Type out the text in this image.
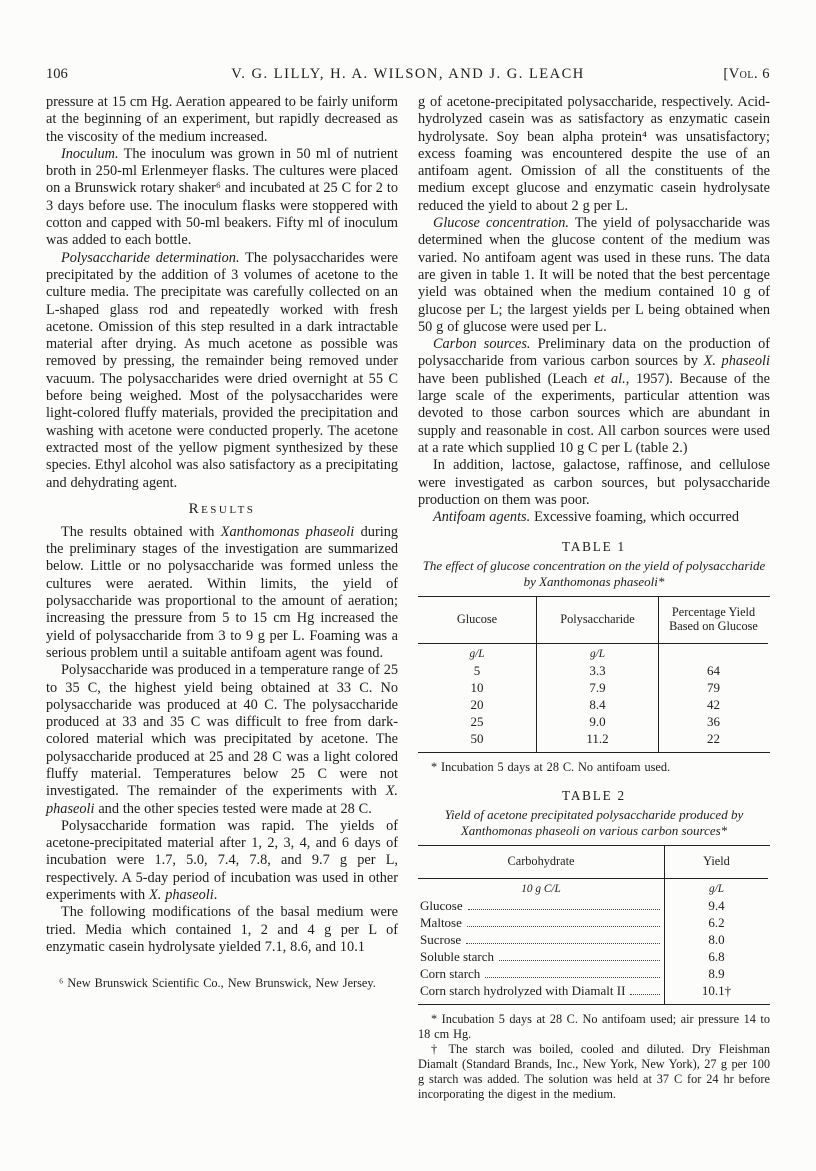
106	V. G. LILLY, H. A. WILSON, AND J. G. LEACH	[Vol. 6
pressure at 15 cm Hg. Aeration appeared to be fairly uniform at the beginning of an experiment, but rapidly decreased as the viscosity of the medium increased.
Inoculum. The inoculum was grown in 50 ml of nutrient broth in 250-ml Erlenmeyer flasks. The cultures were placed on a Brunswick rotary shaker⁶ and incubated at 25 C for 2 to 3 days before use. The inoculum flasks were stoppered with cotton and capped with 50-ml beakers. Fifty ml of inoculum was added to each bottle.
Polysaccharide determination. The polysaccharides were precipitated by the addition of 3 volumes of acetone to the culture media. The precipitate was carefully collected on an L-shaped glass rod and repeatedly worked with fresh acetone. Omission of this step resulted in a dark intractable material after drying. As much acetone as possible was removed by pressing, the remainder being removed under vacuum. The polysaccharides were dried overnight at 55 C before being weighed. Most of the polysaccharides were light-colored fluffy materials, provided the precipitation and washing with acetone were conducted properly. The acetone extracted most of the yellow pigment synthesized by these species. Ethyl alcohol was also satisfactory as a precipitating and dehydrating agent.
Results
The results obtained with Xanthomonas phaseoli during the preliminary stages of the investigation are summarized below. Little or no polysaccharide was formed unless the cultures were aerated. Within limits, the yield of polysaccharide was proportional to the amount of aeration; increasing the pressure from 5 to 15 cm Hg increased the yield of polysaccharide from 3 to 9 g per L. Foaming was a serious problem until a suitable antifoam agent was found.
Polysaccharide was produced in a temperature range of 25 to 35 C, the highest yield being obtained at 33 C. No polysaccharide was produced at 40 C. The polysaccharide produced at 33 and 35 C was difficult to free from dark-colored material which was precipitated by acetone. The polysaccharide produced at 25 and 28 C was a light colored fluffy material. Temperatures below 25 C were not investigated. The remainder of the experiments with X. phaseoli and the other species tested were made at 28 C.
Polysaccharide formation was rapid. The yields of acetone-precipitated material after 1, 2, 3, 4, and 6 days of incubation were 1.7, 5.0, 7.4, 7.8, and 9.7 g per L, respectively. A 5-day period of incubation was used in other experiments with X. phaseoli.
The following modifications of the basal medium were tried. Media which contained 1, 2 and 4 g per L of enzymatic casein hydrolysate yielded 7.1, 8.6, and 10.1
⁶ New Brunswick Scientific Co., New Brunswick, New Jersey.
g of acetone-precipitated polysaccharide, respectively. Acid-hydrolyzed casein was as satisfactory as enzymatic casein hydrolysate. Soy bean alpha protein⁴ was unsatisfactory; excess foaming was encountered despite the use of an antifoam agent. Omission of all the constituents of the medium except glucose and enzymatic casein hydrolysate reduced the yield to about 2 g per L.
Glucose concentration. The yield of polysaccharide was determined when the glucose content of the medium was varied. No antifoam agent was used in these runs. The data are given in table 1. It will be noted that the best percentage yield was obtained when the medium contained 10 g of glucose per L; the largest yields per L being obtained when 50 g of glucose were used per L.
Carbon sources. Preliminary data on the production of polysaccharide from various carbon sources by X. phaseoli have been published (Leach et al., 1957). Because of the large scale of the experiments, particular attention was devoted to those carbon sources which are abundant in supply and reasonable in cost. All carbon sources were used at a rate which supplied 10 g C per L (table 2.)
In addition, lactose, galactose, raffinose, and cellulose were investigated as carbon sources, but polysaccharide production on them was poor.
Antifoam agents. Excessive foaming, which occurred
TABLE 1
The effect of glucose concentration on the yield of polysaccharide by Xanthomonas phaseoli*
Glucose	Polysaccharide	Percentage Yield Based on Glucose
g/L	g/L
5	3.3	64
10	7.9	79
20	8.4	42
25	9.0	36
50	11.2	22
* Incubation 5 days at 28 C. No antifoam used.
TABLE 2
Yield of acetone precipitated polysaccharide produced by Xanthomonas phaseoli on various carbon sources*
Carbohydrate	Yield
10 g C/L	g/L
Glucose	9.4
Maltose	6.2
Sucrose	8.0
Soluble starch	6.8
Corn starch	8.9
Corn starch hydrolyzed with Diamalt II	10.1†
* Incubation 5 days at 28 C. No antifoam used; air pressure 14 to 18 cm Hg.
† The starch was boiled, cooled and diluted. Dry Fleishman Diamalt (Standard Brands, Inc., New York, New York), 27 g per 100 g starch was added. The solution was held at 37 C for 24 hr before incorporating the digest in the medium.
